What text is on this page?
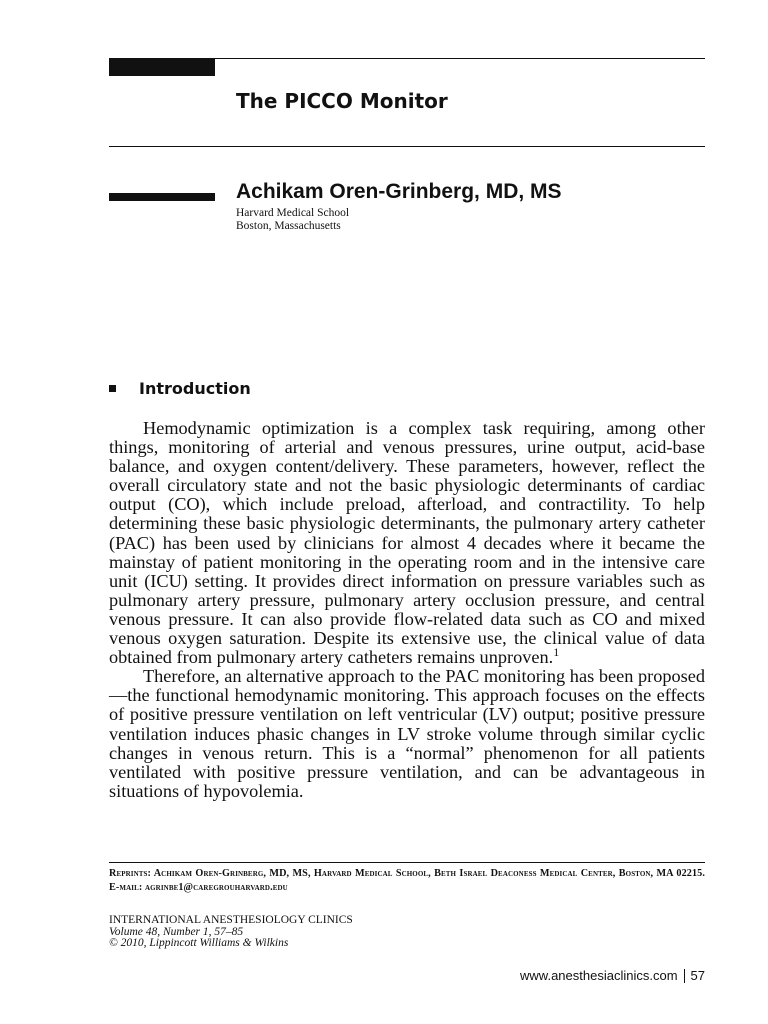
The PICCO Monitor
Achikam Oren-Grinberg, MD, MS
Harvard Medical School
Boston, Massachusetts
Introduction

Hemodynamic optimization is a complex task requiring, among other things, monitoring of arterial and venous pressures, urine output, acid-base balance, and oxygen content/delivery. These parameters, however, reflect the overall circulatory state and not the basic physiologic determinants of cardiac output (CO), which include preload, afterload, and contractility. To help determining these basic physiologic determinants, the pulmonary artery catheter (PAC) has been used by clinicians for almost 4 decades where it became the mainstay of patient monitoring in the operating room and in the intensive care unit (ICU) setting. It provides direct information on pressure variables such as pulmonary artery pressure, pulmonary artery occlusion pressure, and central venous pressure. It can also provide flow-related data such as CO and mixed venous oxygen saturation. Despite its extensive use, the clinical value of data obtained from pulmonary artery catheters remains unproven.$^1$

Therefore, an alternative approach to the PAC monitoring has been proposed—the functional hemodynamic monitoring. This approach focuses on the effects of positive pressure ventilation on left ventricular (LV) output; positive pressure ventilation induces phasic changes in LV stroke volume through similar cyclic changes in venous return. This is a “normal” phenomenon for all patients ventilated with positive pressure ventilation, and can be advantageous in situations of hypovolemia.

Reprints: Achikam Oren-Grinberg, MD, MS, Harvard Medical School, Beth Israel Deaconess Medical Center, Boston, MA 02215. E-mail: agrinbe1@caregrouharvard.edu
INTERNATIONAL ANESTHESIOLOGY CLINICS
Volume 48, Number 1, 57–85
© 2010, Lippincott Williams & Wilkins
www.anesthesiaclinics.com 57
